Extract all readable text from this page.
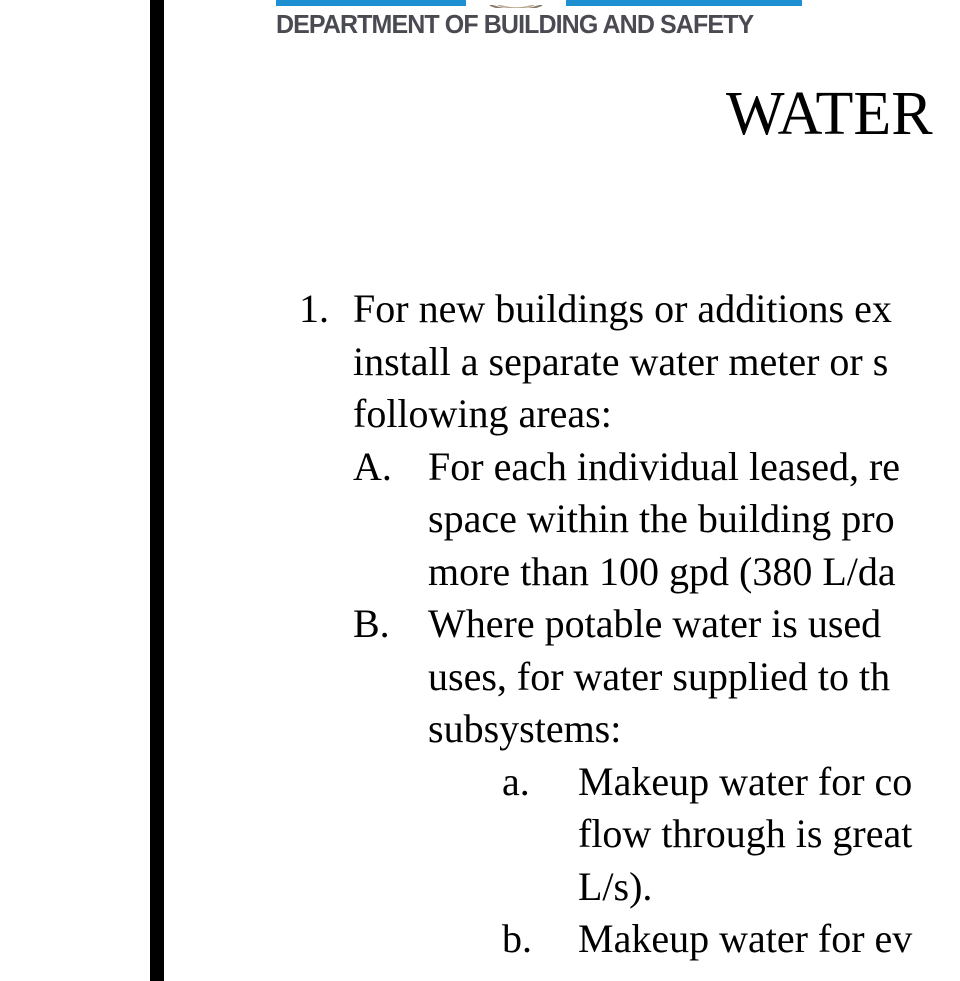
DEPARTMENT OF BUILDING AND SAFETY
WATER
1. For new buildings or additions ex
install a separate water meter or s
following areas:
A. For each individual leased, re
space within the building pro
more than 100 gpd (380 L/da
B. Where potable water is used
uses, for water supplied to th
subsystems:
a. Makeup water for co
flow through is great
L/s).
b. Makeup water for ev
